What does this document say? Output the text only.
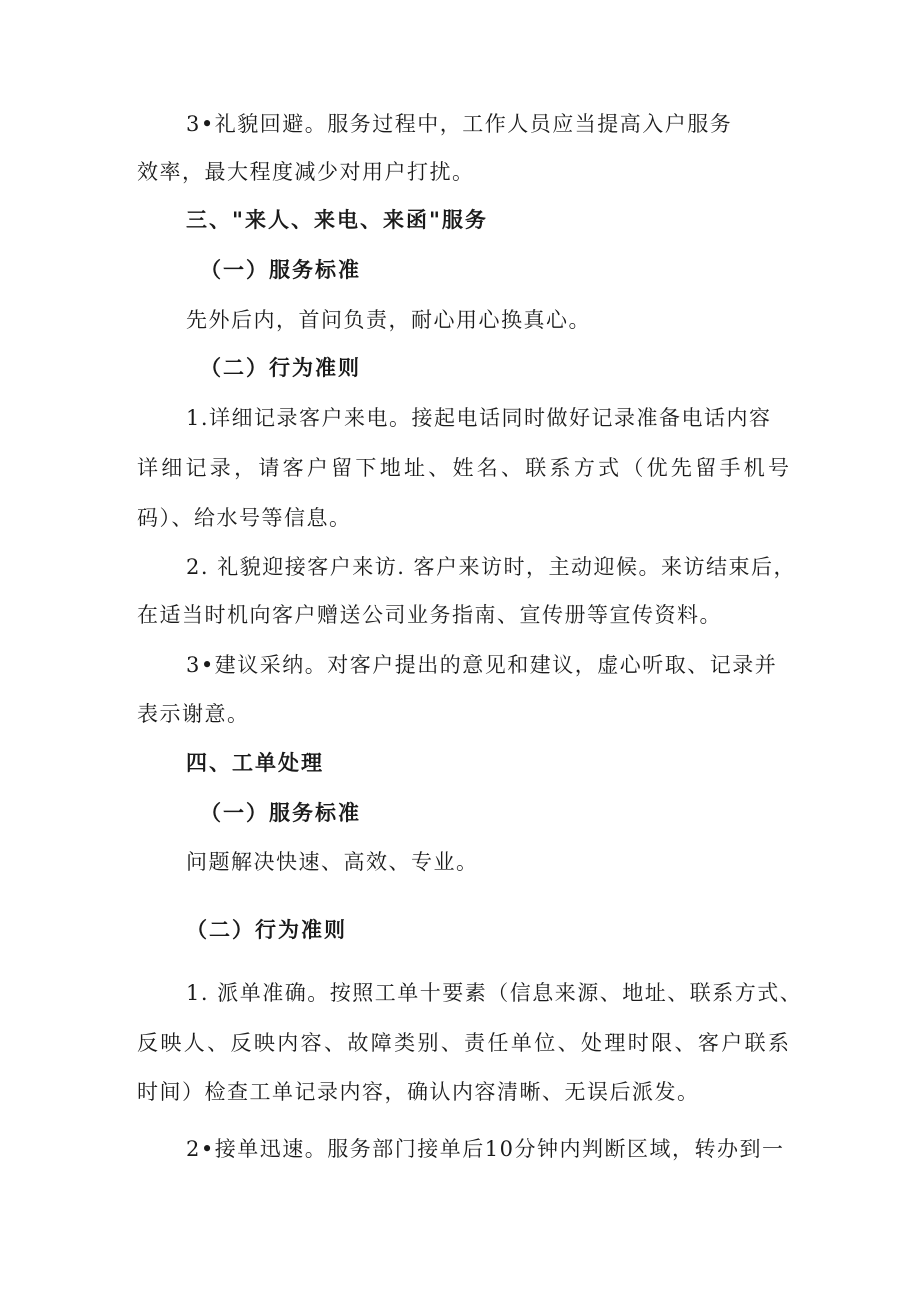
3•礼貌回避。服务过程中，工作人员应当提高入户服务
效率，最大程度减少对用户打扰。
三、"来人、来电、来函"服务
（一）服务标准
先外后内，首问负责，耐心用心换真心。
（二）行为准则
1.详细记录客户来电。接起电话同时做好记录准备电话内容
详细记录，请客户留下地址、姓名、联系方式（优先留手机号
码）、给水号等信息。
2. 礼貌迎接客户来访. 客户来访时，主动迎候。来访结束后，
在适当时机向客户赠送公司业务指南、宣传册等宣传资料。
3•建议采纳。对客户提出的意见和建议，虚心听取、记录并
表示谢意。
四、工单处理
（一）服务标准
问题解决快速、高效、专业。
（二）行为准则
1. 派单准确。按照工单十要素（信息来源、地址、联系方式、
反映人、反映内容、故障类别、责任单位、处理时限、客户联系
时间）检查工单记录内容，确认内容清晰、无误后派发。
2•接单迅速。服务部门接单后10分钟内判断区域，转办到一
